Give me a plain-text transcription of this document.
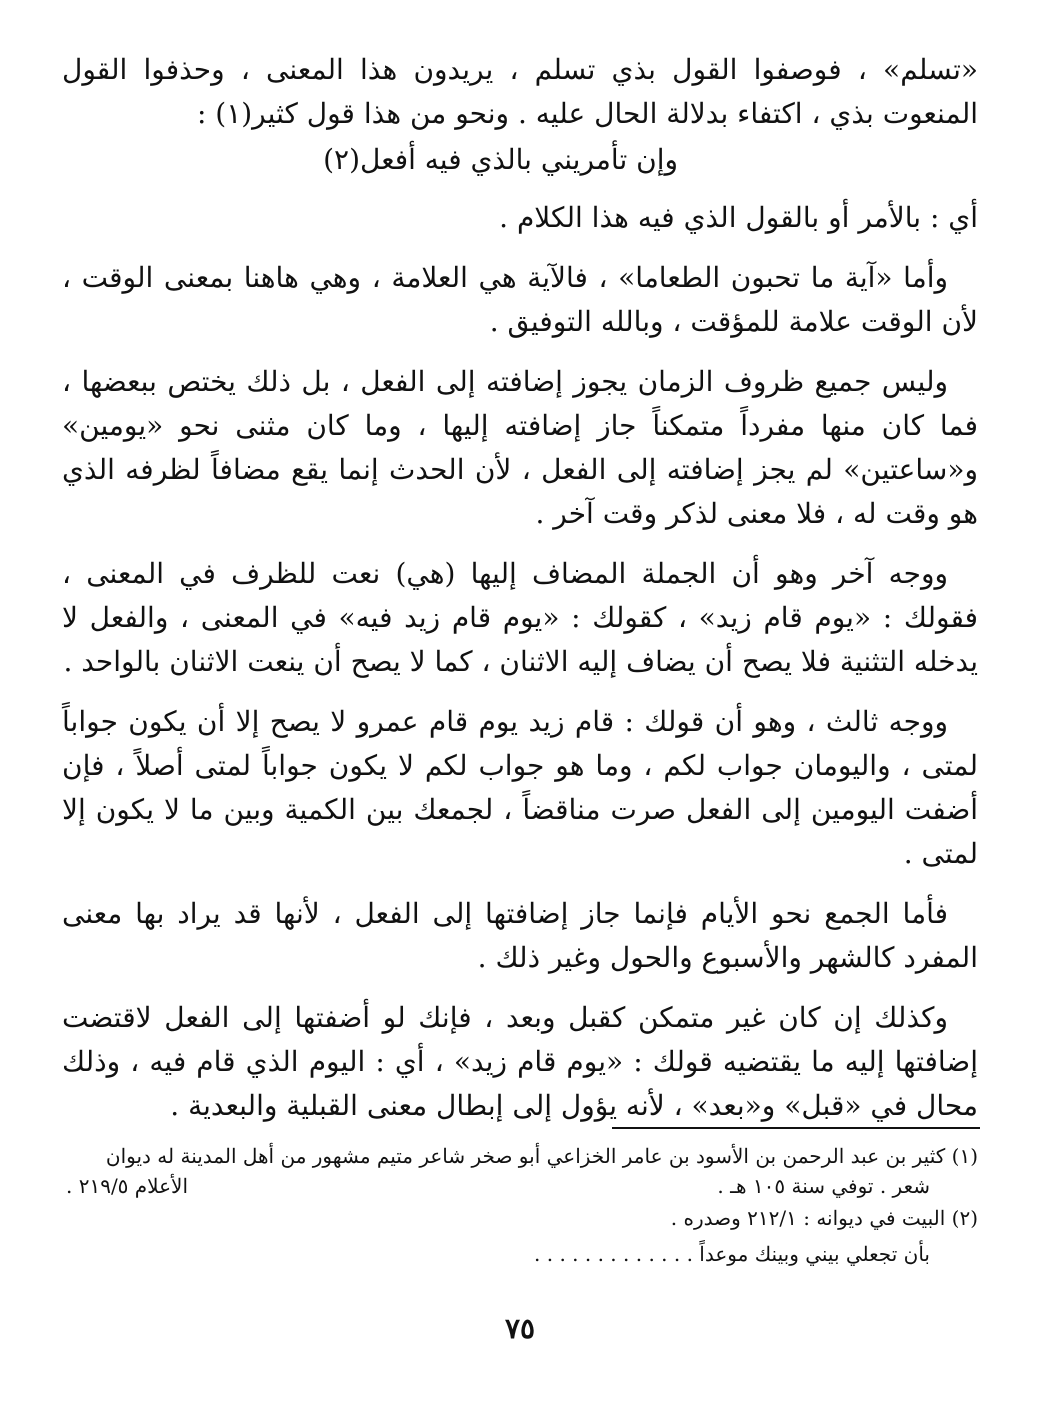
«تسلم» ، فوصفوا القول بذي تسلم ، يريدون هذا المعنى ، وحذفوا القول المنعوت بذي ، اكتفاء بدلالة الحال عليه . ونحو من هذا قول كثير(١) :

وإن تأمريني بالذي فيه أفعل(٢)

أي : بالأمر أو بالقول الذي فيه هذا الكلام .

وأما «آية ما تحبون الطعاما» ، فالآية هي العلامة ، وهي هاهنا بمعنى الوقت ، لأن الوقت علامة للمؤقت ، وبالله التوفيق .

وليس جميع ظروف الزمان يجوز إضافته إلى الفعل ، بل ذلك يختص ببعضها ، فما كان منها مفرداً متمكناً جاز إضافته إليها ، وما كان مثنى نحو «يومين» و«ساعتين» لم يجز إضافته إلى الفعل ، لأن الحدث إنما يقع مضافاً لظرفه الذي هو وقت له ، فلا معنى لذكر وقت آخر .

ووجه آخر وهو أن الجملة المضاف إليها (هي) نعت للظرف في المعنى ، فقولك : «يوم قام زيد» ، كقولك : «يوم قام زيد فيه» في المعنى ، والفعل لا يدخله التثنية فلا يصح أن يضاف إليه الاثنان ، كما لا يصح أن ينعت الاثنان بالواحد .

ووجه ثالث ، وهو أن قولك : قام زيد يوم قام عمرو لا يصح إلا أن يكون جواباً لمتى ، واليومان جواب لكم ، وما هو جواب لكم لا يكون جواباً لمتى أصلاً ، فإن أضفت اليومين إلى الفعل صرت مناقضاً ، لجمعك بين الكمية وبين ما لا يكون إلا لمتى .

فأما الجمع نحو الأيام فإنما جاز إضافتها إلى الفعل ، لأنها قد يراد بها معنى المفرد كالشهر والأسبوع والحول وغير ذلك .

وكذلك إن كان غير متمكن كقبل وبعد ، فإنك لو أضفتها إلى الفعل لاقتضت إضافتها إليه ما يقتضيه قولك : «يوم قام زيد» ، أي : اليوم الذي قام فيه ، وذلك محال في «قبل» و«بعد» ، لأنه يؤول إلى إبطال معنى القبلية والبعدية .

(١) كثير بن عبد الرحمن بن الأسود بن عامر الخزاعي أبو صخر شاعر متيم مشهور من أهل المدينة له ديوان

شعر . توفي سنة ١٠٥ هـ .
الأعلام ٢١٩/٥ .

(٢) البيت في ديوانه : ٢١٢/١ وصدره .

بأن تجعلي بيني وبينك موعداً . . . . . . . . . . . . .

٧٥
